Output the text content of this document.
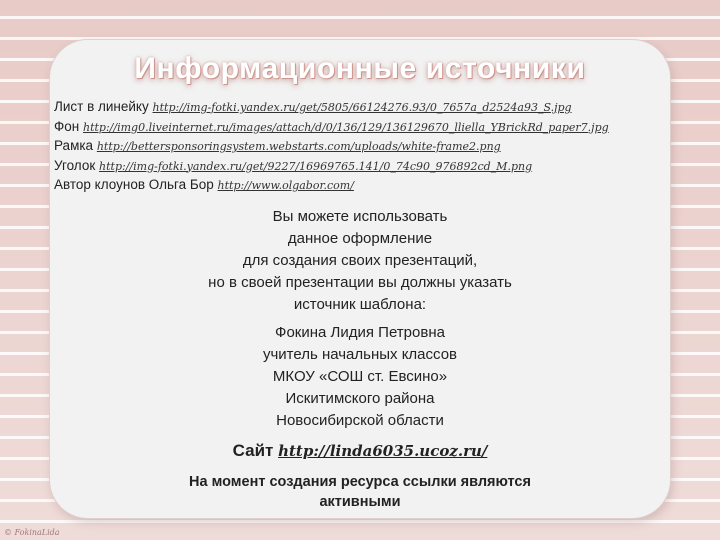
Информационные источники
Лист в линейку http://img-fotki.yandex.ru/get/5805/66124276.93/0_7657a_d2524a93_S.jpg
Фон http://img0.liveinternet.ru/images/attach/d/0/136/129/136129670_lliella_YBrickRd_paper7.jpg
Рамка http://bettersponsoringsystem.webstarts.com/uploads/white-frame2.png
Уголок http://img-fotki.yandex.ru/get/9227/16969765.141/0_74c90_976892cd_M.png
Автор клоунов Ольга Бор http://www.olgabor.com/
Вы можете использовать
данное оформление
для создания своих презентаций,
но в своей презентации вы должны указать
источник шаблона:
Фокина Лидия Петровна
учитель начальных классов
МКОУ «СОШ ст. Евсино»
Искитимского района
Новосибирской области
Сайт http://linda6035.ucoz.ru/
На момент создания ресурса ссылки являются
активными
© FokinaLida
